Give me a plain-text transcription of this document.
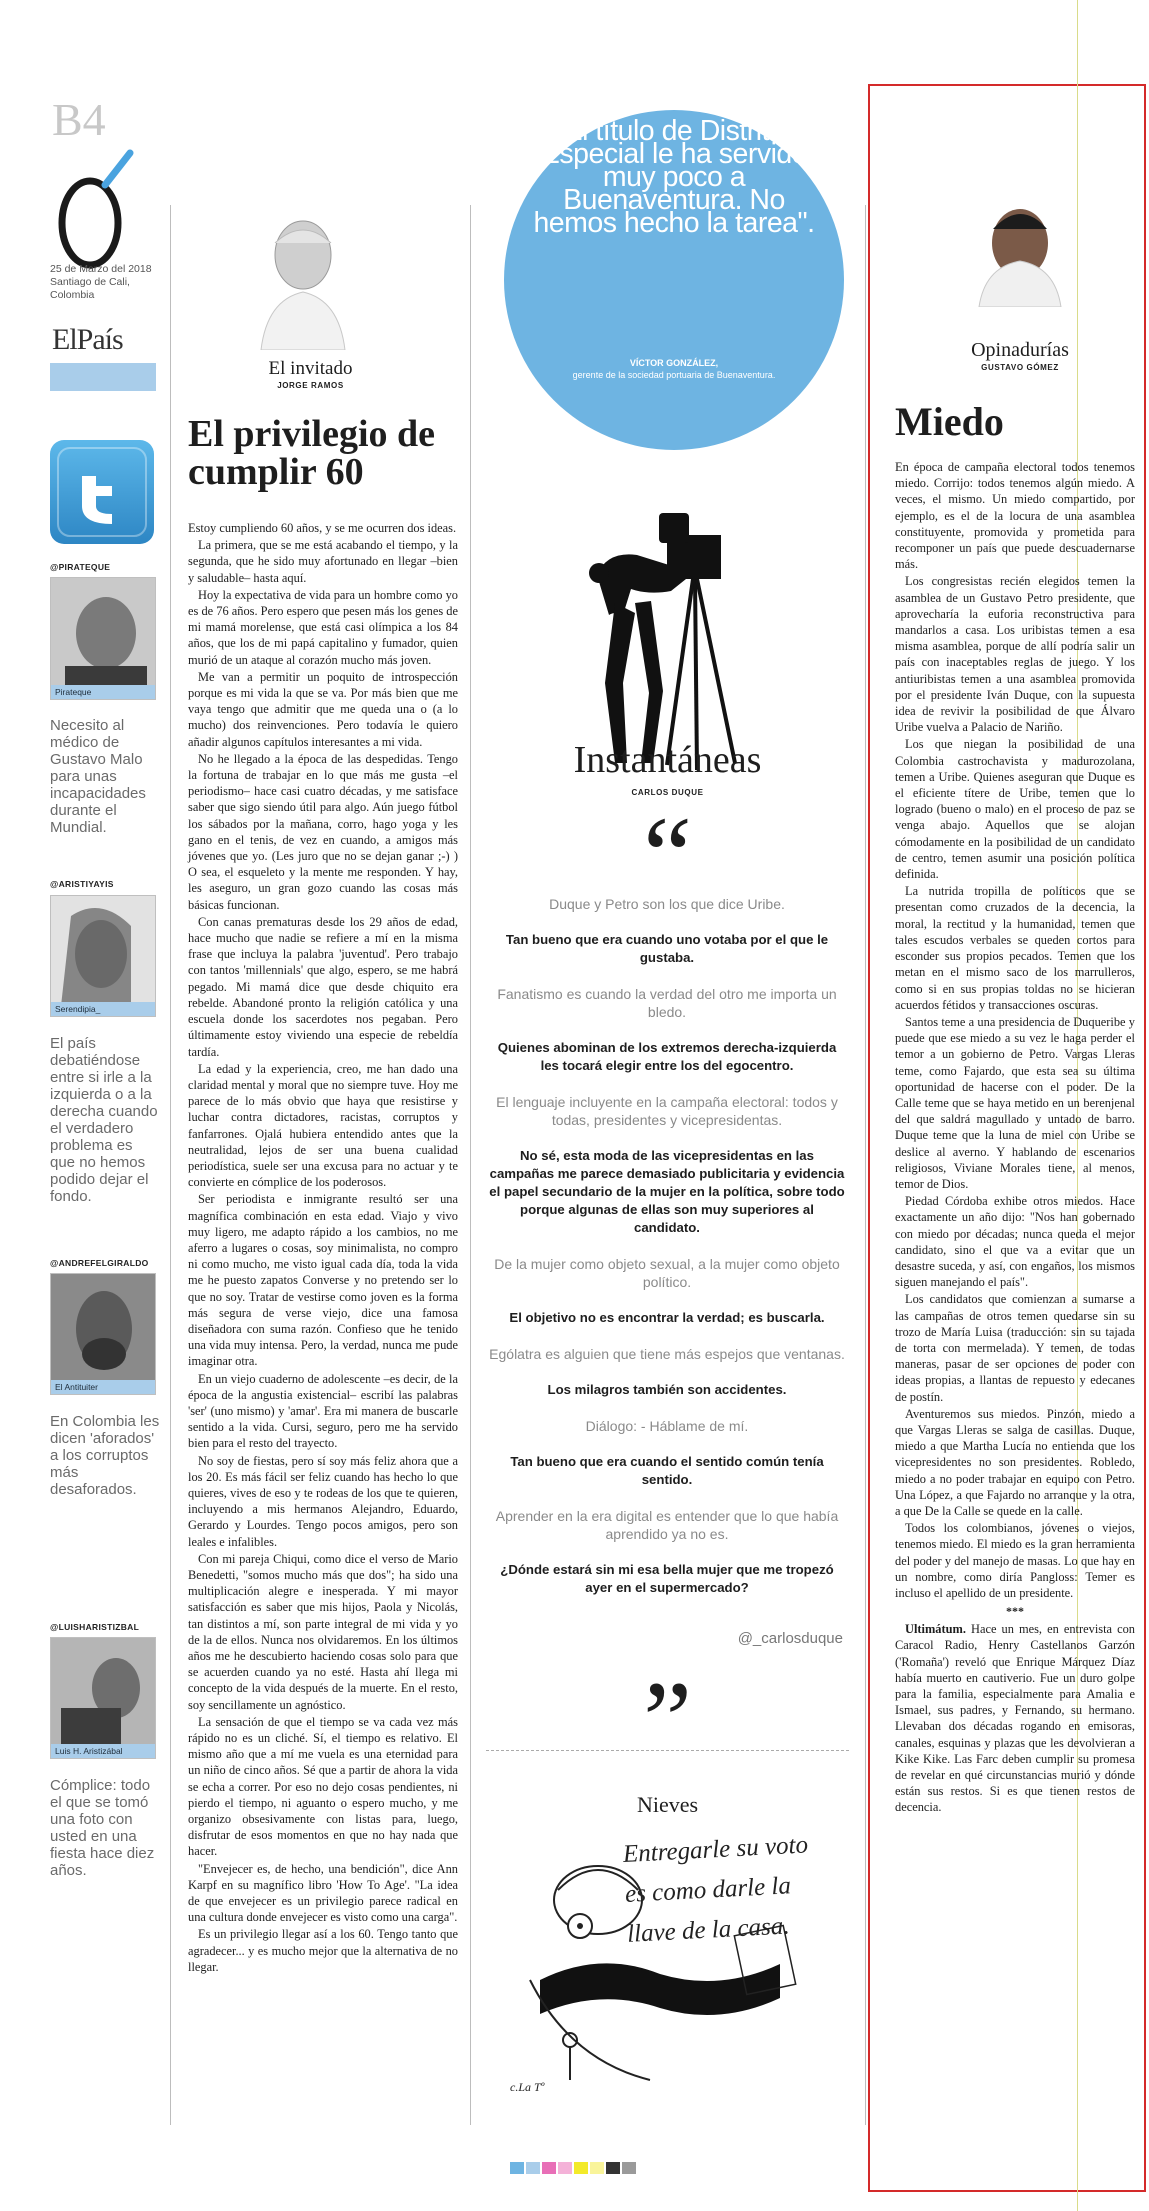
B4
25 de Marzo del 2018 Santiago de Cali, Colombia
ElPaís
@PIRATEQUE
Pirateque
Necesito al médico de Gustavo Malo para unas incapacidades durante el Mundial.
@ARISTIYAYIS
Serendipia_
El país debatiéndose entre si irle a la izquierda o a la derecha cuando el verdadero problema es que no hemos podido dejar el fondo.
@ANDREFELGIRALDO
El Antituiter
En Colombia les dicen 'aforados' a los corruptos más desaforados.
@LUISHARISTIZBAL
Luis H. Aristizábal
Cómplice: todo el que se tomó una foto con usted en una fiesta hace diez años.
El invitado
JORGE RAMOS
El privilegio de cumplir 60
Estoy cumpliendo 60 años, y se me ocurren dos ideas.
La primera, que se me está acabando el tiempo, y la segunda, que he sido muy afortunado en llegar –bien y saludable– hasta aquí.
Hoy la expectativa de vida para un hombre como yo es de 76 años. Pero espero que pesen más los genes de mi mamá morelense, que está casi olímpica a los 84 años, que los de mi papá capitalino y fumador, quien murió de un ataque al corazón mucho más joven.
Me van a permitir un poquito de introspección porque es mi vida la que se va. Por más bien que me vaya tengo que admitir que me queda una o (a lo mucho) dos reinvenciones. Pero todavía le quiero añadir algunos capítulos interesantes a mi vida.
No he llegado a la época de las despedidas. Tengo la fortuna de trabajar en lo que más me gusta –el periodismo– hace casi cuatro décadas, y me satisface saber que sigo siendo útil para algo. Aún juego fútbol los sábados por la mañana, corro, hago yoga y les gano en el tenis, de vez en cuando, a amigos más jóvenes que yo. (Les juro que no se dejan ganar ;-) ) O sea, el esqueleto y la mente me responden. Y hay, les aseguro, un gran gozo cuando las cosas más básicas funcionan.
Con canas prematuras desde los 29 años de edad, hace mucho que nadie se refiere a mí en la misma frase que incluya la palabra 'juventud'. Pero trabajo con tantos 'millennials' que algo, espero, se me habrá pegado. Mi mamá dice que desde chiquito era rebelde. Abandoné pronto la religión católica y una escuela donde los sacerdotes nos pegaban. Pero últimamente estoy viviendo una especie de rebeldía tardía.
La edad y la experiencia, creo, me han dado una claridad mental y moral que no siempre tuve. Hoy me parece de lo más obvio que haya que resistirse y luchar contra dictadores, racistas, corruptos y fanfarrones. Ojalá hubiera entendido antes que la neutralidad, lejos de ser una buena cualidad periodística, suele ser una excusa para no actuar y te convierte en cómplice de los poderosos.
Ser periodista e inmigrante resultó ser una magnífica combinación en esta edad. Viajo y vivo muy ligero, me adapto rápido a los cambios, no me aferro a lugares o cosas, soy minimalista, no compro ni como mucho, me visto igual cada día, toda la vida me he puesto zapatos Converse y no pretendo ser lo que no soy. Tratar de vestirse como joven es la forma más segura de verse viejo, dice una famosa diseñadora con suma razón. Confieso que he tenido una vida muy intensa. Pero, la verdad, nunca me pude imaginar otra.
En un viejo cuaderno de adolescente –es decir, de la época de la angustia existencial– escribí las palabras 'ser' (uno mismo) y 'amar'. Era mi manera de buscarle sentido a la vida. Cursi, seguro, pero me ha servido bien para el resto del trayecto.
No soy de fiestas, pero sí soy más feliz ahora que a los 20. Es más fácil ser feliz cuando has hecho lo que quieres, vives de eso y te rodeas de los que te quieren, incluyendo a mis hermanos Alejandro, Eduardo, Gerardo y Lourdes. Tengo pocos amigos, pero son leales e infalibles.
Con mi pareja Chiqui, como dice el verso de Mario Benedetti, "somos mucho más que dos"; ha sido una multiplicación alegre e inesperada. Y mi mayor satisfacción es saber que mis hijos, Paola y Nicolás, tan distintos a mí, son parte integral de mi vida y yo de la de ellos. Nunca nos olvidaremos. En los últimos años me he descubierto haciendo cosas solo para que se acuerden cuando ya no esté. Hasta ahí llega mi concepto de la vida después de la muerte. En el resto, soy sencillamente un agnóstico.
La sensación de que el tiempo se va cada vez más rápido no es un cliché. Sí, el tiempo es relativo. El mismo año que a mí me vuela es una eternidad para un niño de cinco años. Sé que a partir de ahora la vida se echa a correr. Por eso no dejo cosas pendientes, ni pierdo el tiempo, ni aguanto o espero mucho, y me organizo obsesivamente con listas para, luego, disfrutar de esos momentos en que no hay nada que hacer.
"Envejecer es, de hecho, una bendición", dice Ann Karpf en su magnífico libro 'How To Age'. "La idea de que envejecer es un privilegio parece radical en una cultura donde envejecer es visto como una carga".
Es un privilegio llegar así a los 60. Tengo tanto que agradecer... y es mucho mejor que la alternativa de no llegar.
El título de Distrito Especial le ha servido muy poco a Buenaventura. No hemos hecho la tarea".
VÍCTOR GONZÁLEZ,
gerente de la sociedad portuaria de Buenaventura.
Instantáneas
CARLOS DUQUE
“
Duque y Petro son los que dice Uribe.
Tan bueno que era cuando uno votaba por el que le gustaba.
Fanatismo es cuando la verdad del otro me importa un bledo.
Quienes abominan de los extremos derecha-izquierda les tocará elegir entre los del egocentro.
El lenguaje incluyente en la campaña electoral: todos y todas, presidentes y vicepresidentas.
No sé, esta moda de las vicepresidentas en las campañas me parece demasiado publicitaria y evidencia el papel secundario de la mujer en la política, sobre todo porque algunas de ellas son muy superiores al candidato.
De la mujer como objeto sexual, a la mujer como objeto político.
El objetivo no es encontrar la verdad; es buscarla.
Ególatra es alguien que tiene más espejos que ventanas.
Los milagros también son accidentes.
Diálogo: - Háblame de mí.
Tan bueno que era cuando el sentido común tenía sentido.
Aprender en la era digital es entender que lo que había aprendido ya no es.
¿Dónde estará sin mi esa bella mujer que me tropezó ayer en el supermercado?
@_carlosduque
”
Nieves
Entregarle su voto es como darle la llave de la casa.
c.La Tº
Opinadurías
GUSTAVO GÓMEZ
Miedo
En época de campaña electoral todos tenemos miedo. Corrijo: todos tenemos algún miedo. A veces, el mismo. Un miedo compartido, por ejemplo, es el de la locura de una asamblea constituyente, promovida y prometida para recomponer un país que puede descuadernarse más.
Los congresistas recién elegidos temen la asamblea de un Gustavo Petro presidente, que aprovecharía la euforia reconstructiva para mandarlos a casa. Los uribistas temen a esa misma asamblea, porque de allí podría salir un país con inaceptables reglas de juego. Y los antiuribistas temen a una asamblea promovida por el presidente Iván Duque, con la supuesta idea de revivir la posibilidad de que Álvaro Uribe vuelva a Palacio de Nariño.
Los que niegan la posibilidad de una Colombia castrochavista y madurozolana, temen a Uribe. Quienes aseguran que Duque es el eficiente títere de Uribe, temen que lo logrado (bueno o malo) en el proceso de paz se venga abajo. Aquellos que se alojan cómodamente en la posibilidad de un candidato de centro, temen asumir una posición política definida.
La nutrida tropilla de políticos que se presentan como cruzados de la decencia, la moral, la rectitud y la humanidad, temen que tales escudos verbales se queden cortos para esconder sus propios pecados. Temen que los metan en el mismo saco de los marrulleros, como si en sus propias toldas no se hicieran acuerdos fétidos y transacciones oscuras.
Santos teme a una presidencia de Duqueribe y puede que ese miedo a su vez le haga perder el temor a un gobierno de Petro. Vargas Lleras teme, como Fajardo, que esta sea su última oportunidad de hacerse con el poder. De la Calle teme que se haya metido en un berenjenal del que saldrá magullado y untado de barro. Duque teme que la luna de miel con Uribe se deslice al averno. Y hablando de escenarios religiosos, Viviane Morales tiene, al menos, temor de Dios.
Piedad Córdoba exhibe otros miedos. Hace exactamente un año dijo: "Nos han gobernado con miedo por décadas; nunca queda el mejor candidato, sino el que va a evitar que un desastre suceda, y así, con engaños, los mismos siguen manejando el país".
Los candidatos que comienzan a sumarse a las campañas de otros temen quedarse sin su trozo de María Luisa (traducción: sin su tajada de torta con mermelada). Y temen, de todas maneras, pasar de ser opciones de poder con ideas propias, a llantas de repuesto y edecanes de postín.
Aventuremos sus miedos. Pinzón, miedo a que Vargas Lleras se salga de casillas. Duque, miedo a que Martha Lucía no entienda que los vicepresidentes no son presidentes. Robledo, miedo a no poder trabajar en equipo con Petro. Una López, a que Fajardo no arranque y la otra, a que De la Calle se quede en la calle.
Todos los colombianos, jóvenes o viejos, tenemos miedo. El miedo es la gran herramienta del poder y del manejo de masas. Lo que hay en un nombre, como diría Pangloss: Temer es incluso el apellido de un presidente.
***
Ultimátum. Hace un mes, en entrevista con Caracol Radio, Henry Castellanos Garzón ('Romaña') reveló que Enrique Márquez Díaz había muerto en cautiverio. Fue un duro golpe para la familia, especialmente para Amalia e Ismael, sus padres, y Fernando, su hermano. Llevaban dos décadas rogando en emisoras, canales, esquinas y plazas que les devolvieran a Kike Kike. Las Farc deben cumplir su promesa de revelar en qué circunstancias murió y dónde están sus restos. Si es que tienen restos de decencia.
